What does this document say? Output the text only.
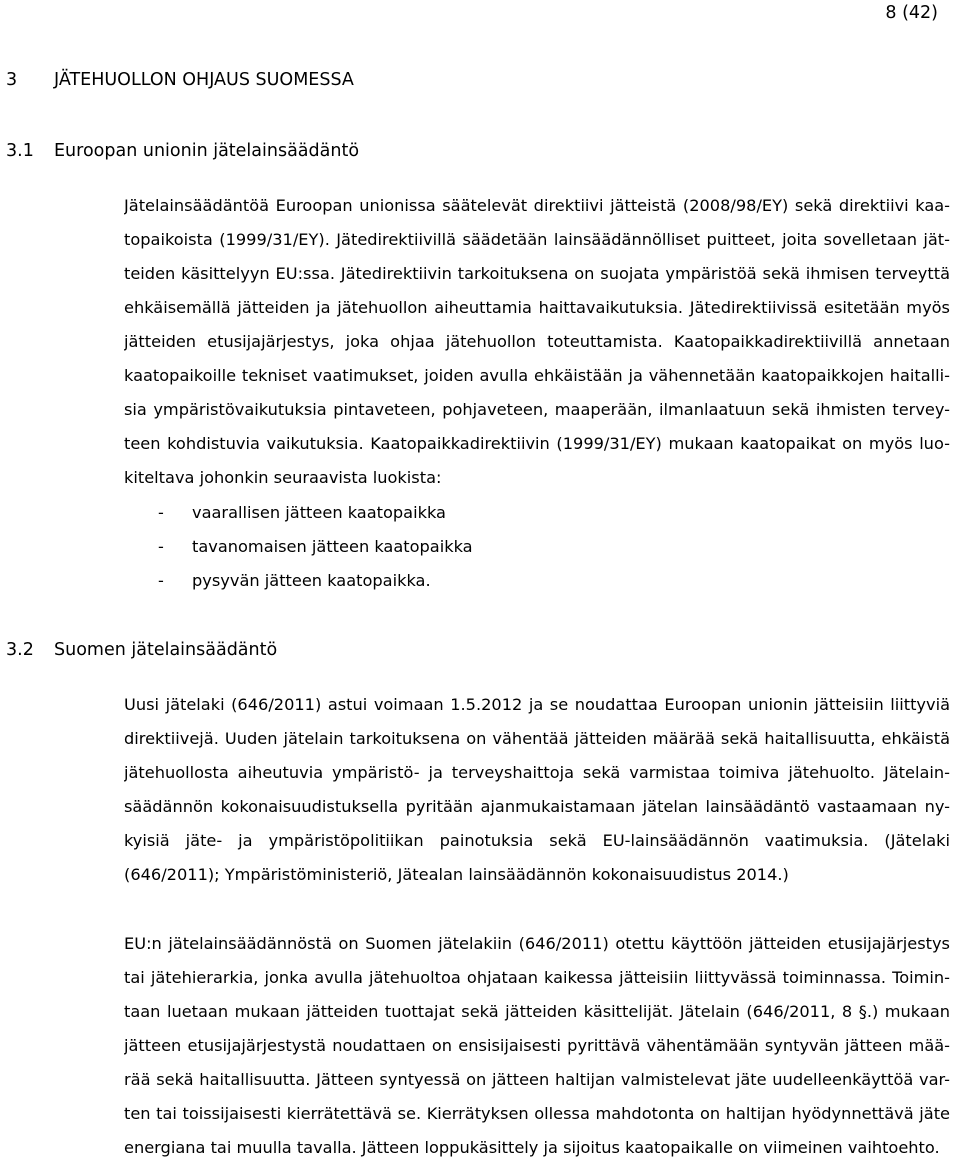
8 (42)
3 JÄTEHUOLLON OHJAUS SUOMESSA
3.1 Euroopan unionin jätelainsäädäntö
Jätelainsäädäntöä Euroopan unionissa säätelevät direktiivi jätteistä (2008/98/EY) sekä direktiivi kaa-
topaikoista (1999/31/EY). Jätedirektiivillä säädetään lainsäädännölliset puitteet, joita sovelletaan jät-
teiden käsittelyyn EU:ssa. Jätedirektiivin tarkoituksena on suojata ympäristöä sekä ihmisen terveyttä
ehkäisemällä jätteiden ja jätehuollon aiheuttamia haittavaikutuksia. Jätedirektiivissä esitetään myös
jätteiden etusijajärjestys, joka ohjaa jätehuollon toteuttamista. Kaatopaikkadirektiivillä annetaan
kaatopaikoille tekniset vaatimukset, joiden avulla ehkäistään ja vähennetään kaatopaikkojen haitalli-
sia ympäristövaikutuksia pintaveteen, pohjaveteen, maaperään, ilmanlaatuun sekä ihmisten tervey-
teen kohdistuvia vaikutuksia. Kaatopaikkadirektiivin (1999/31/EY) mukaan kaatopaikat on myös luo-
kiteltava johonkin seuraavista luokista:
- vaarallisen jätteen kaatopaikka
- tavanomaisen jätteen kaatopaikka
- pysyvän jätteen kaatopaikka.
3.2 Suomen jätelainsäädäntö
Uusi jätelaki (646/2011) astui voimaan 1.5.2012 ja se noudattaa Euroopan unionin jätteisiin liittyviä
direktiivejä. Uuden jätelain tarkoituksena on vähentää jätteiden määrää sekä haitallisuutta, ehkäistä
jätehuollosta aiheutuvia ympäristö- ja terveyshaittoja sekä varmistaa toimiva jätehuolto. Jätelain-
säädännön kokonaisuudistuksella pyritään ajanmukaistamaan jätelan lainsäädäntö vastaamaan ny-
kyisiä jäte- ja ympäristöpolitiikan painotuksia sekä EU-lainsäädännön vaatimuksia. (Jätelaki
(646/2011); Ympäristöministeriö, Jätealan lainsäädännön kokonaisuudistus 2014.)
EU:n jätelainsäädännöstä on Suomen jätelakiin (646/2011) otettu käyttöön jätteiden etusijajärjestys
tai jätehierarkia, jonka avulla jätehuoltoa ohjataan kaikessa jätteisiin liittyvässä toiminnassa. Toimin-
taan luetaan mukaan jätteiden tuottajat sekä jätteiden käsittelijät. Jätelain (646/2011, 8 §.) mukaan
jätteen etusijajärjestystä noudattaen on ensisijaisesti pyrittävä vähentämään syntyvän jätteen mää-
rää sekä haitallisuutta. Jätteen syntyessä on jätteen haltijan valmistelevat jäte uudelleenkäyttöä var-
ten tai toissijaisesti kierrätettävä se. Kierrätyksen ollessa mahdotonta on haltijan hyödynnettävä jäte
energiana tai muulla tavalla. Jätteen loppukäsittely ja sijoitus kaatopaikalle on viimeinen vaihtoehto.
